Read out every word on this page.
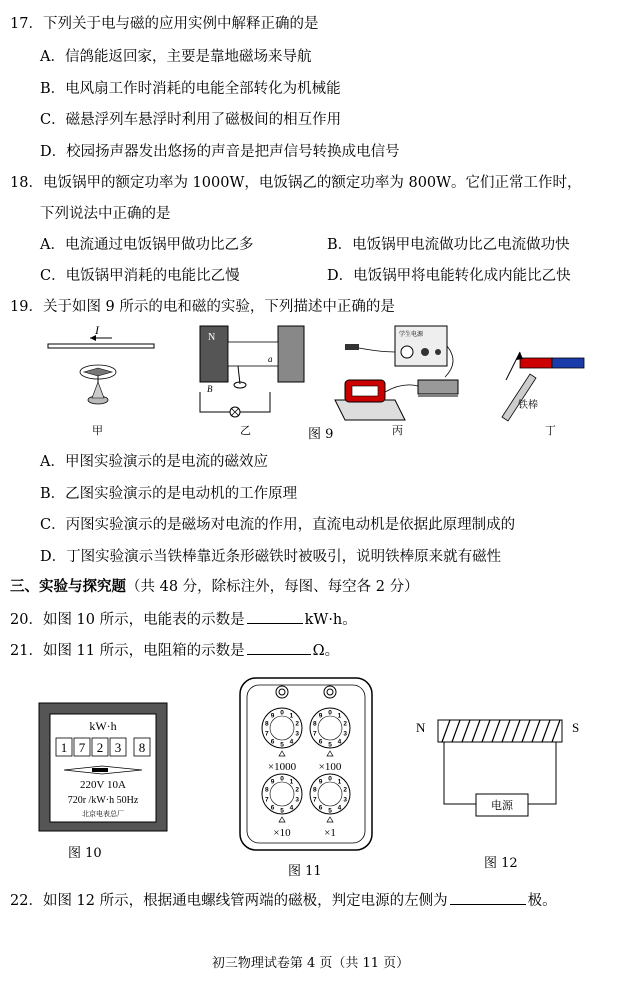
17．下列关于电与磁的应用实例中解释正确的是
A．信鸽能返回家，主要是靠地磁场来导航
B．电风扇工作时消耗的电能全部转化为机械能
C．磁悬浮列车悬浮时利用了磁极间的相互作用
D．校园扬声器发出悠扬的声音是把声信号转换成电信号
18．电饭锅甲的额定功率为 1000W，电饭锅乙的额定功率为 800W。它们正常工作时，
下列说法中正确的是
A．电流通过电饭锅甲做功比乙多	B．电饭锅甲电流做功比乙电流做功快
C．电饭锅甲消耗的电能比乙慢	D．电饭锅甲将电能转化成内能比乙快
19．关于如图 9 所示的电和磁的实验，下列描述中正确的是
I
N
B
a
学生电源
铁棒
甲	乙	图 9	丙	丁
A．甲图实验演示的是电流的磁效应
B．乙图实验演示的是电动机的工作原理
C．丙图实验演示的是磁场对电流的作用，直流电动机是依据此原理制成的
D．丁图实验演示当铁棒靠近条形磁铁时被吸引，说明铁棒原来就有磁性
三、实验与探究题（共 48 分，除标注外，每图、每空各 2 分）
20．如图 10 所示，电能表的示数是	kW·h。
21．如图 11 所示，电阻箱的示数是	Ω。
kW·h
1 7 2 3 8
220V 10A
720r /kW·h 50Hz
北京电表总厂
图 10
0 1
2
3
4
5
6
7
8
9	0 1
2
3
4
5
6
7
8
9
0 1
2
3
4
5
6
7
8
9	0 1
2
3
4
5
6
7
8
9
×1000 ×100
×10	×1
图 11
N	S
电源
图 12
22．如图 12 所示，根据通电螺线管两端的磁极，判定电源的左侧为	极。
初三物理试卷第 4 页（共 11 页）
